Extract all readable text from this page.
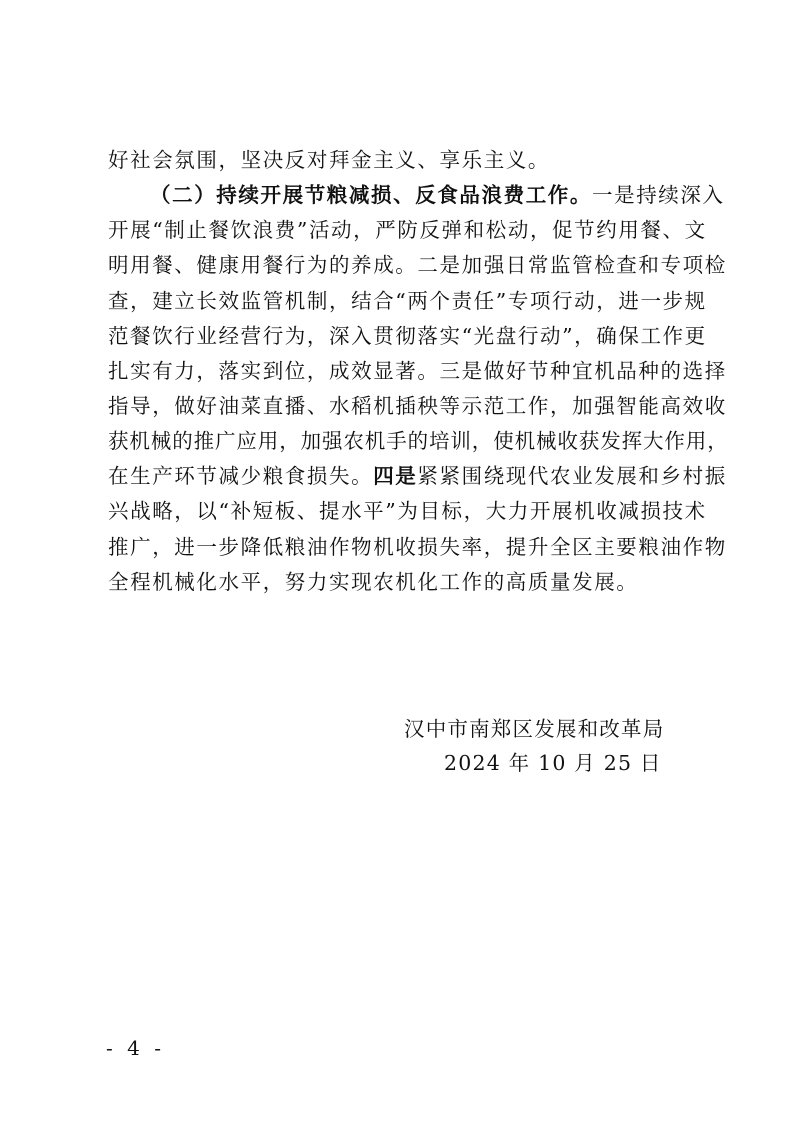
好社会氛围，坚决反对拜金主义、享乐主义。
（二）持续开展节粮减损、反食品浪费工作。一是持续深入
开展“制止餐饮浪费”活动，严防反弹和松动，促节约用餐、文
明用餐、健康用餐行为的养成。二是加强日常监管检查和专项检
查，建立长效监管机制，结合“两个责任”专项行动，进一步规
范餐饮行业经营行为，深入贯彻落实“光盘行动”，确保工作更
扎实有力，落实到位，成效显著。三是做好节种宜机品种的选择
指导，做好油菜直播、水稻机插秧等示范工作，加强智能高效收
获机械的推广应用，加强农机手的培训，使机械收获发挥大作用，
在生产环节减少粮食损失。四是紧紧围绕现代农业发展和乡村振
兴战略，以“补短板、提水平”为目标，大力开展机收减损技术
推广，进一步降低粮油作物机收损失率，提升全区主要粮油作物
全程机械化水平，努力实现农机化工作的高质量发展。
汉中市南郑区发展和改革局
2024 年 10 月 25 日
- 4 -
